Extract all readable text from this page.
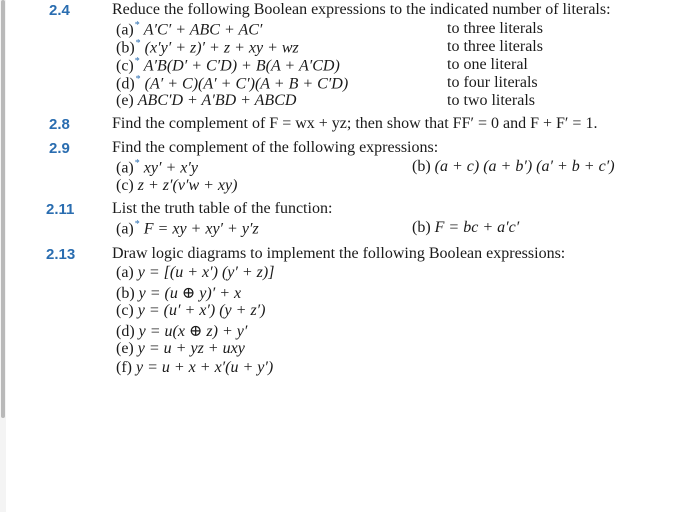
2.4	Reduce the following Boolean expressions to the indicated number of literals:
(a)* A′C′ + ABC + AC′	to three literals
(b)* (x′y′ + z)′ + z + xy + wz	to three literals
(c)* A′B(D′ + C′D) + B(A + A′CD)	to one literal
(d)* (A′ + C)(A′ + C′)(A + B + C′D)	to four literals
(e) ABC′D + A′BD + ABCD	to two literals
2.8	Find the complement of F = wx + yz; then show that FF′ = 0 and F + F′ = 1.
2.9	Find the complement of the following expressions:
(a)* xy′ + x′y	(b) (a + c) (a + b′) (a′ + b + c′)
(c) z + z′(v′w + xy)
2.11 List the truth table of the function:
(a)* F = xy + xy′ + y′z	(b) F = bc + a′c′
2.13 Draw logic diagrams to implement the following Boolean expressions:
(a) y = [(u + x′) (y′ + z)]
(b) y = (u ⊕ y)′ + x
(c) y = (u′ + x′) (y + z′)
(d) y = u(x ⊕ z) + y′
(e) y = u + yz + uxy
(f) y = u + x + x′(u + y′)
